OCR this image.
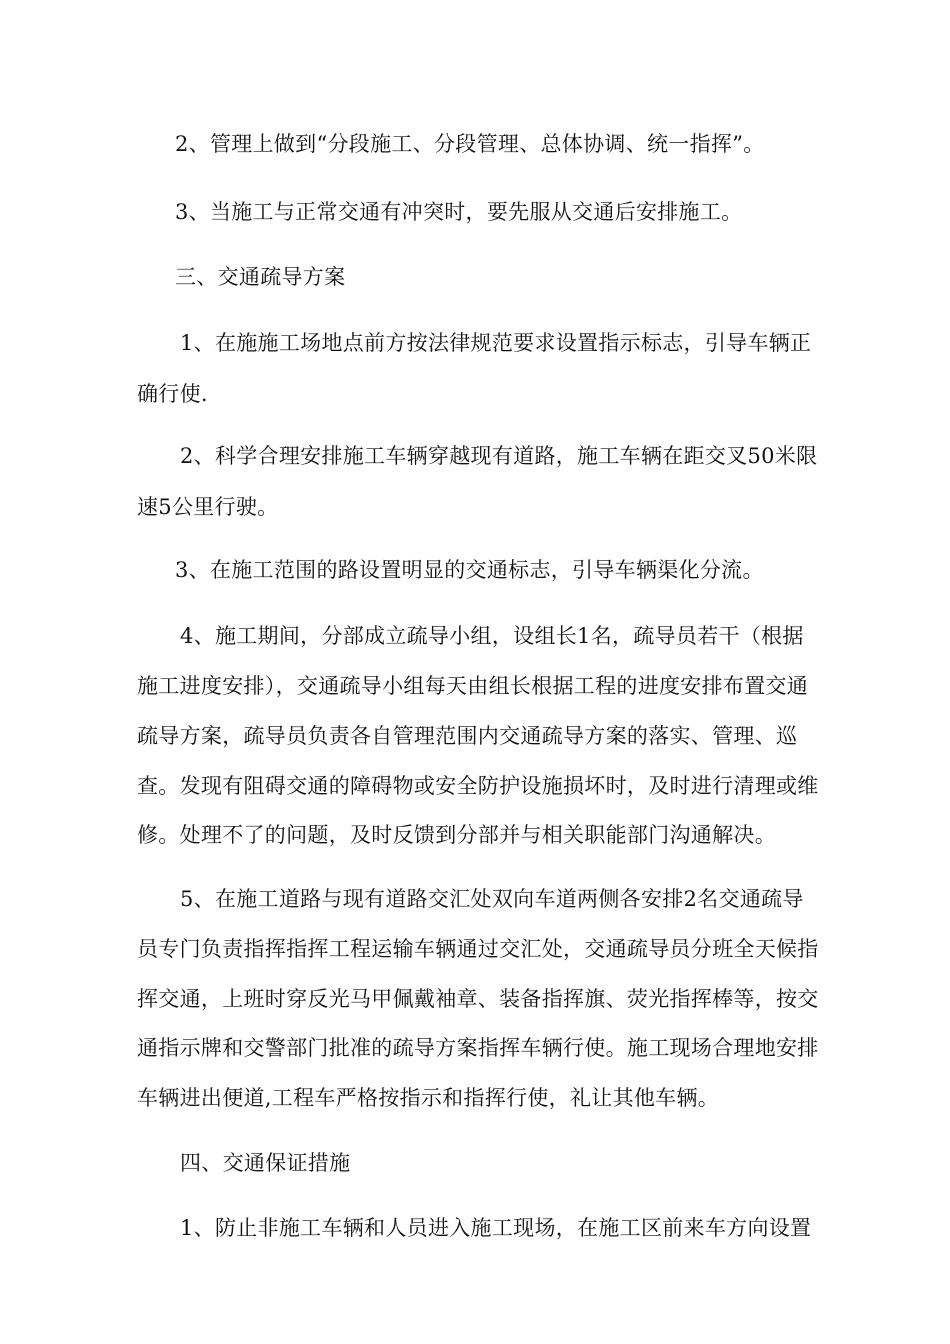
2、管理上做到“分段施工、分段管理、总体协调、统一指挥”。
3、当施工与正常交通有冲突时，要先服从交通后安排施工。
三、交通疏导方案
1、在施施工场地点前方按法律规范要求设置指示标志，引导车辆正
确行使.
2、科学合理安排施工车辆穿越现有道路，施工车辆在距交叉50米限
速5公里行驶。
3、在施工范围的路设置明显的交通标志，引导车辆渠化分流。
4、施工期间，分部成立疏导小组，设组长1名，疏导员若干（根据
施工进度安排），交通疏导小组每天由组长根据工程的进度安排布置交通
疏导方案，疏导员负责各自管理范围内交通疏导方案的落实、管理、巡
查。发现有阻碍交通的障碍物或安全防护设施损坏时，及时进行清理或维
修。处理不了的问题，及时反馈到分部并与相关职能部门沟通解决。
5、在施工道路与现有道路交汇处双向车道两侧各安排2名交通疏导
员专门负责指挥指挥工程运输车辆通过交汇处，交通疏导员分班全天候指
挥交通，上班时穿反光马甲佩戴袖章、装备指挥旗、荧光指挥棒等，按交
通指示牌和交警部门批准的疏导方案指挥车辆行使。施工现场合理地安排
车辆进出便道,工程车严格按指示和指挥行使，礼让其他车辆。
四、交通保证措施
1、防止非施工车辆和人员进入施工现场，在施工区前来车方向设置
